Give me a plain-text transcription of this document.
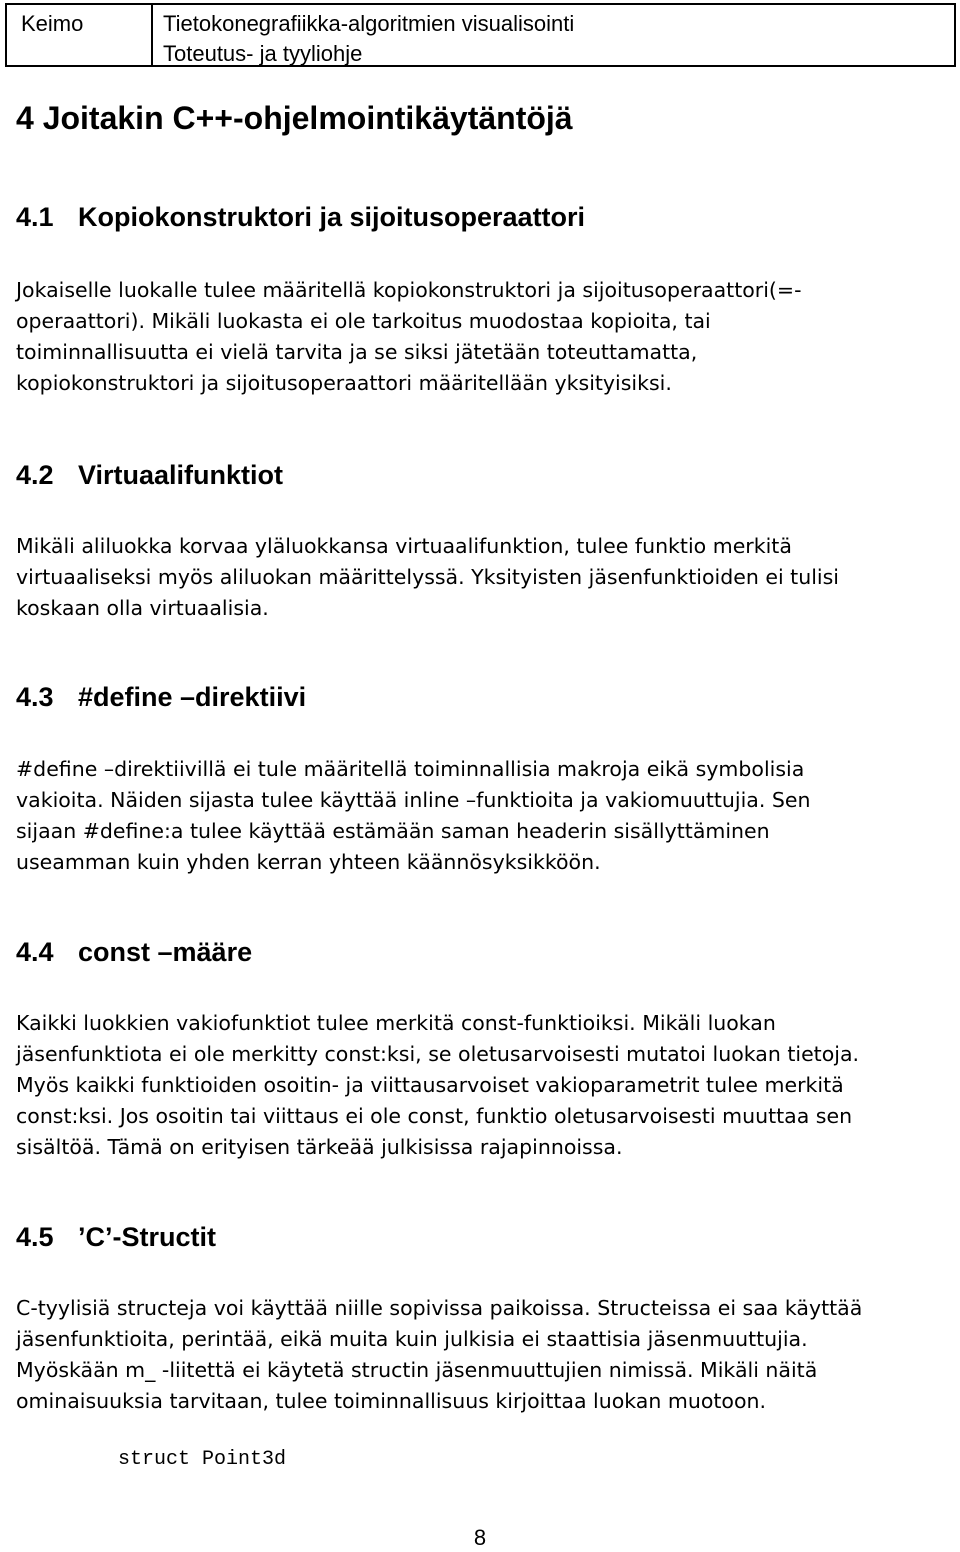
Keimo	Tietokonegrafiikka-algoritmien visualisointi
Toteutus- ja tyyliohje
4 Joitakin C++-ohjelmointikäytäntöjä
4.1 Kopiokonstruktori ja sijoitusoperaattori
Jokaiselle luokalle tulee määritellä kopiokonstruktori ja sijoitusoperaattori(=-
operaattori). Mikäli luokasta ei ole tarkoitus muodostaa kopioita, tai
toiminnallisuutta ei vielä tarvita ja se siksi jätetään toteuttamatta,
kopiokonstruktori ja sijoitusoperaattori määritellään yksityisiksi.
4.2 Virtuaalifunktiot
Mikäli aliluokka korvaa yläluokkansa virtuaalifunktion, tulee funktio merkitä
virtuaaliseksi myös aliluokan määrittelyssä. Yksityisten jäsenfunktioiden ei tulisi
koskaan olla virtuaalisia.
4.3 #define –direktiivi
#define –direktiivillä ei tule määritellä toiminnallisia makroja eikä symbolisia
vakioita. Näiden sijasta tulee käyttää inline –funktioita ja vakiomuuttujia. Sen
sijaan #define:a tulee käyttää estämään saman headerin sisällyttäminen
useamman kuin yhden kerran yhteen käännösyksikköön.
4.4 const –määre
Kaikki luokkien vakiofunktiot tulee merkitä const-funktioiksi. Mikäli luokan
jäsenfunktiota ei ole merkitty const:ksi, se oletusarvoisesti mutatoi luokan tietoja.
Myös kaikki funktioiden osoitin- ja viittausarvoiset vakioparametrit tulee merkitä
const:ksi. Jos osoitin tai viittaus ei ole const, funktio oletusarvoisesti muuttaa sen
sisältöä. Tämä on erityisen tärkeää julkisissa rajapinnoissa.
4.5 ’C’-Structit
C-tyylisiä structeja voi käyttää niille sopivissa paikoissa. Structeissa ei saa käyttää
jäsenfunktioita, perintää, eikä muita kuin julkisia ei staattisia jäsenmuuttujia.
Myöskään m_ -liitettä ei käytetä structin jäsenmuuttujien nimissä. Mikäli näitä
ominaisuuksia tarvitaan, tulee toiminnallisuus kirjoittaa luokan muotoon.
struct Point3d
8
